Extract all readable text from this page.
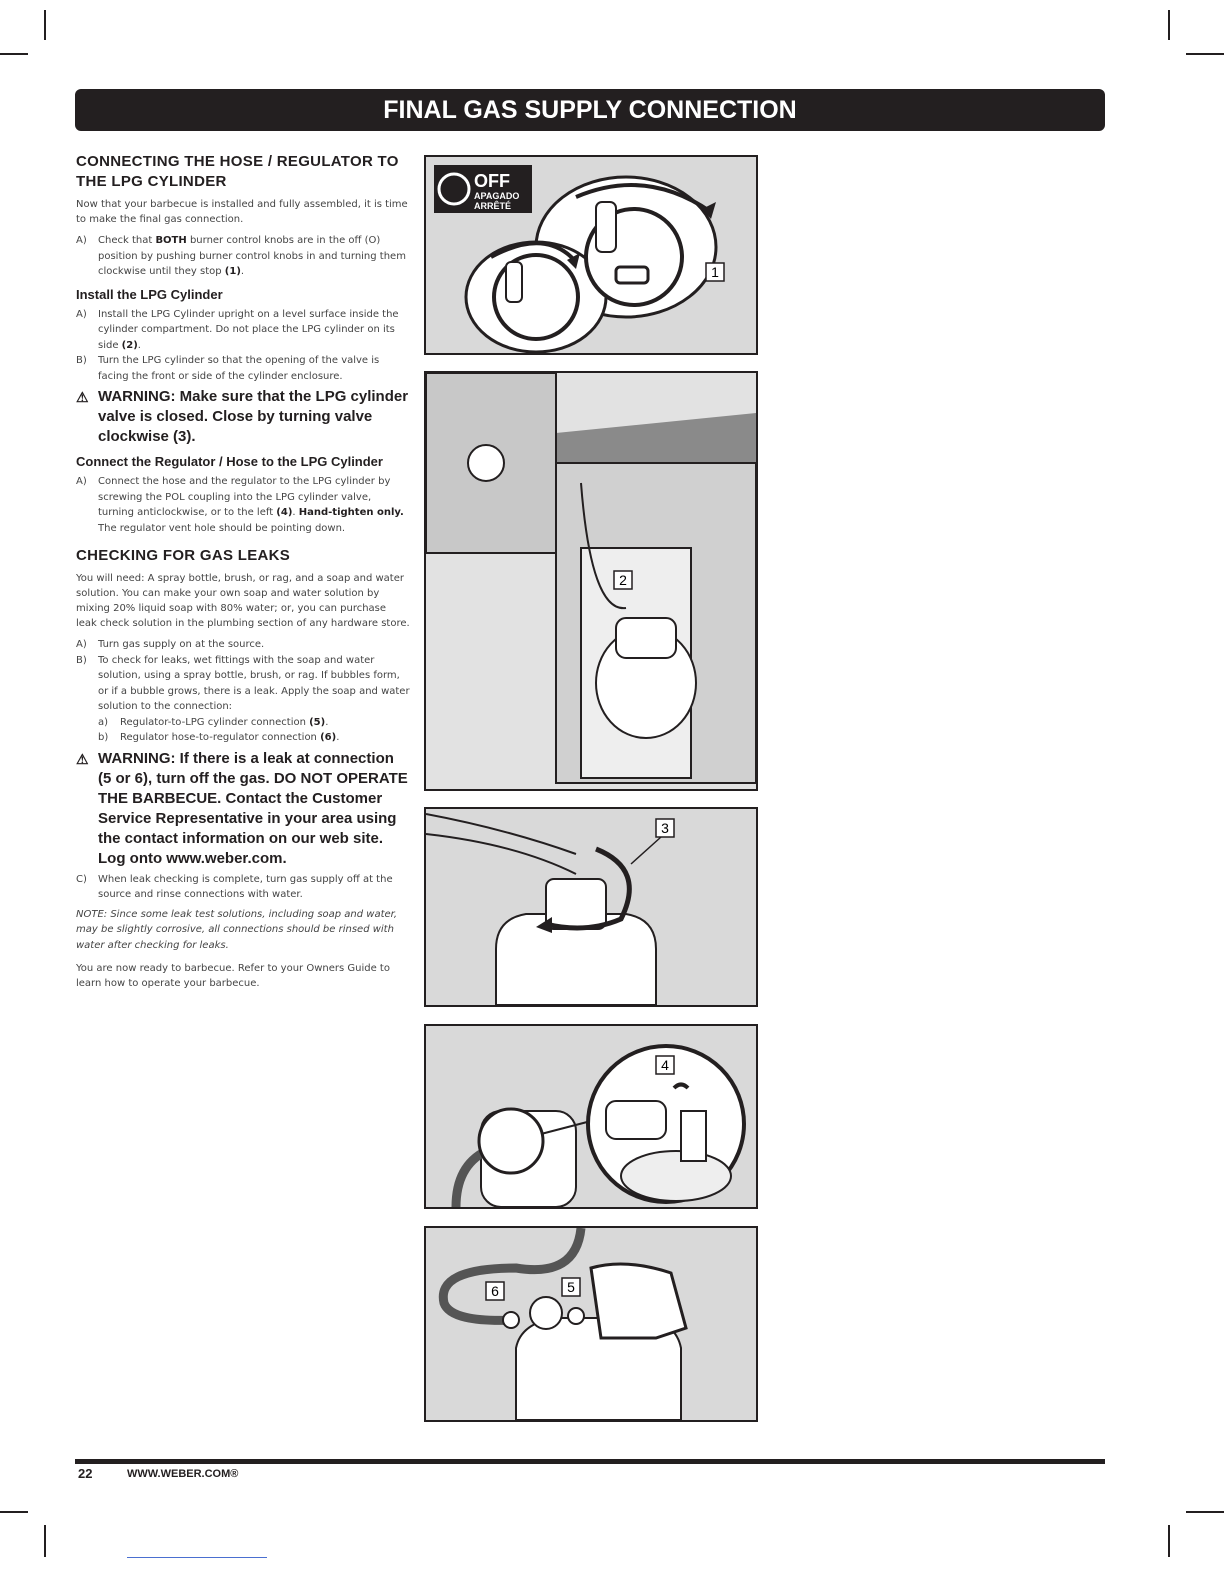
FINAL GAS SUPPLY CONNECTION
CONNECTING THE HOSE / REGULATOR TO
THE LPG CYLINDER

Now that your barbecue is installed and fully assembled, it is time to make the final gas connection.

A)	Check that BOTH burner control knobs are in the off (O) position by pushing burner control knobs in and turning them clockwise until they stop (1).
Install the LPG Cylinder
A)	Install the LPG Cylinder upright on a level surface inside the cylinder compartment. Do not place the LPG cylinder on its side (2).
B)	Turn the LPG cylinder so that the opening of the valve is facing the front or side of the cylinder enclosure.
⚠ WARNING: Make sure that the LPG cylinder valve is closed. Close by turning valve clockwise (3).
Connect the Regulator / Hose to the LPG Cylinder
A)	Connect the hose and the regulator to the LPG cylinder by screwing the POL coupling into the LPG cylinder valve, turning anticlockwise, or to the left (4). Hand-tighten only. The regulator vent hole should be pointing down.
CHECKING FOR GAS LEAKS

You will need: A spray bottle, brush, or rag, and a soap and water solution. You can make your own soap and water solution by mixing 20% liquid soap with 80% water; or, you can purchase leak check solution in the plumbing section of any hardware store.

A)	Turn gas supply on at the source.
B)	To check for leaks, wet fittings with the soap and water solution, using a spray bottle, brush, or rag. If bubbles form, or if a bubble grows, there is a leak. Apply the soap and water solution to the connection:
a)	Regulator-to-LPG cylinder connection (5).
b)	Regulator hose-to-regulator connection (6).
⚠ WARNING: If there is a leak at connection (5 or 6), turn off the gas. DO NOT OPERATE THE BARBECUE. Contact the Customer Service Representative in your area using the contact information on our web site. Log onto www.weber.com.
C)	When leak checking is complete, turn gas supply off at the source and rinse connections with water.
NOTE: Since some leak test solutions, including soap and water, may be slightly corrosive, all connections should be rinsed with water after checking for leaks.

You are now ready to barbecue. Refer to your Owners Guide to learn how to operate your barbecue.

OFF
APAGADO
ARRÊTÉ
1
2
3
4
6	5
22	WWW.WEBER.COM®
